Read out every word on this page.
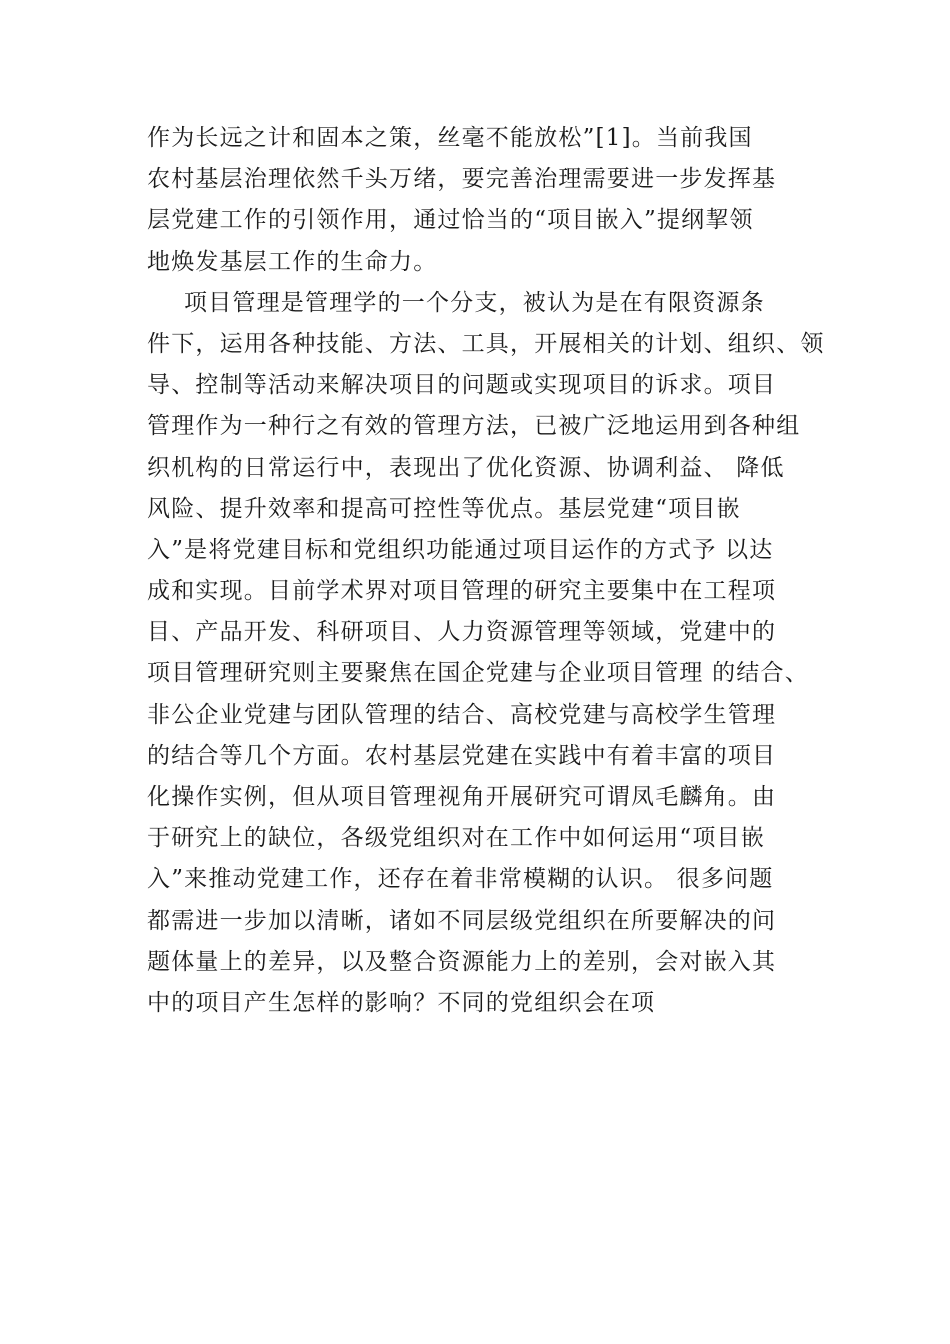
作为长远之计和固本之策，丝毫不能放松”[1]。当前我国
农村基层治理依然千头万绪，要完善治理需要进一步发挥基
层党建工作的引领作用，通过恰当的“项目嵌入”提纲挈领
地焕发基层工作的生命力。
项目管理是管理学的一个分支，被认为是在有限资源条
件下，运用各种技能、方法、工具，开展相关的计划、组织、领
导、控制等活动来解决项目的问题或实现项目的诉求。项目
管理作为一种行之有效的管理方法，已被广泛地运用到各种组
织机构的日常运行中，表现出了优化资源、协调利益、 降低
风险、提升效率和提高可控性等优点。基层党建“项目嵌
入”是将党建目标和党组织功能通过项目运作的方式予 以达
成和实现。目前学术界对项目管理的研究主要集中在工程项
目、产品开发、科研项目、人力资源管理等领域，党建中的
项目管理研究则主要聚焦在国企党建与企业项目管理 的结合、
非公企业党建与团队管理的结合、高校党建与高校学生管理
的结合等几个方面。农村基层党建在实践中有着丰富的项目
化操作实例，但从项目管理视角开展研究可谓凤毛麟角。由
于研究上的缺位，各级党组织对在工作中如何运用“项目嵌
入”来推动党建工作，还存在着非常模糊的认识。 很多问题
都需进一步加以清晰，诸如不同层级党组织在所要解决的问
题体量上的差异，以及整合资源能力上的差别，会对嵌入其
中的项目产生怎样的影响？不同的党组织会在项
